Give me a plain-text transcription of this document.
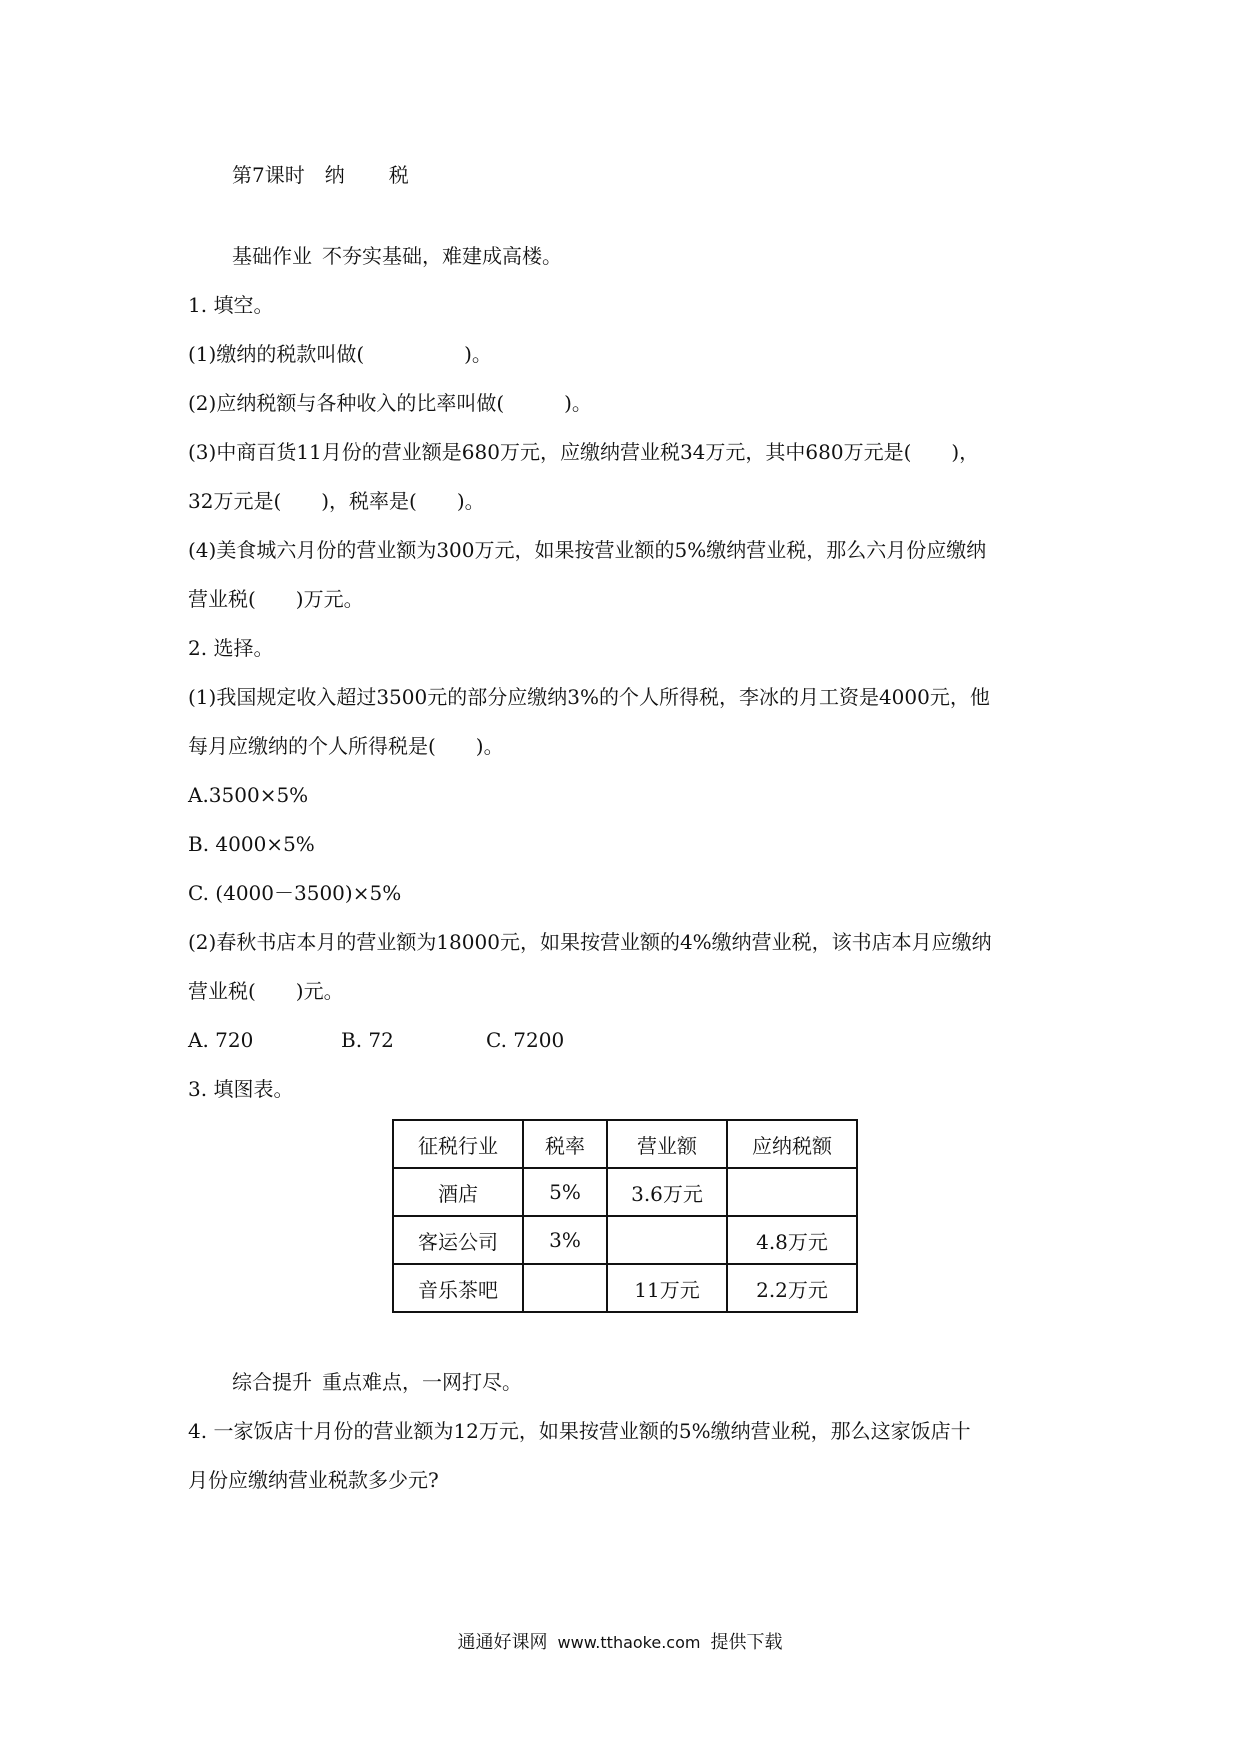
第7课时 纳 税
基础作业 不夯实基础，难建成高楼。
1. 填空。
(1)缴纳的税款叫做(　　　　　)。
(2)应纳税额与各种收入的比率叫做(　　　)。
(3)中商百货11月份的营业额是680万元，应缴纳营业税34万元，其中680万元是(　　)，
32万元是(　　)，税率是(　　)。
(4)美食城六月份的营业额为300万元，如果按营业额的5%缴纳营业税，那么六月份应缴纳
营业税(　　)万元。
2. 选择。
(1)我国规定收入超过3500元的部分应缴纳3%的个人所得税，李冰的月工资是4000元，他
每月应缴纳的个人所得税是(　　)。
A.3500×5%
B. 4000×5%
C. (4000－3500)×5%
(2)春秋书店本月的营业额为18000元，如果按营业额的4%缴纳营业税，该书店本月应缴纳
营业税(　　)元。
A. 720	B. 72	C. 7200
3. 填图表。
征税行业	税率	营业额	应纳税额
酒店	5%	3.6万元	
客运公司	3%		4.8万元
音乐茶吧		11万元	2.2万元
综合提升 重点难点，一网打尽。
4. 一家饭店十月份的营业额为12万元，如果按营业额的5%缴纳营业税，那么这家饭店十
月份应缴纳营业税款多少元?
通通好课网 www.tthaoke.com 提供下载
